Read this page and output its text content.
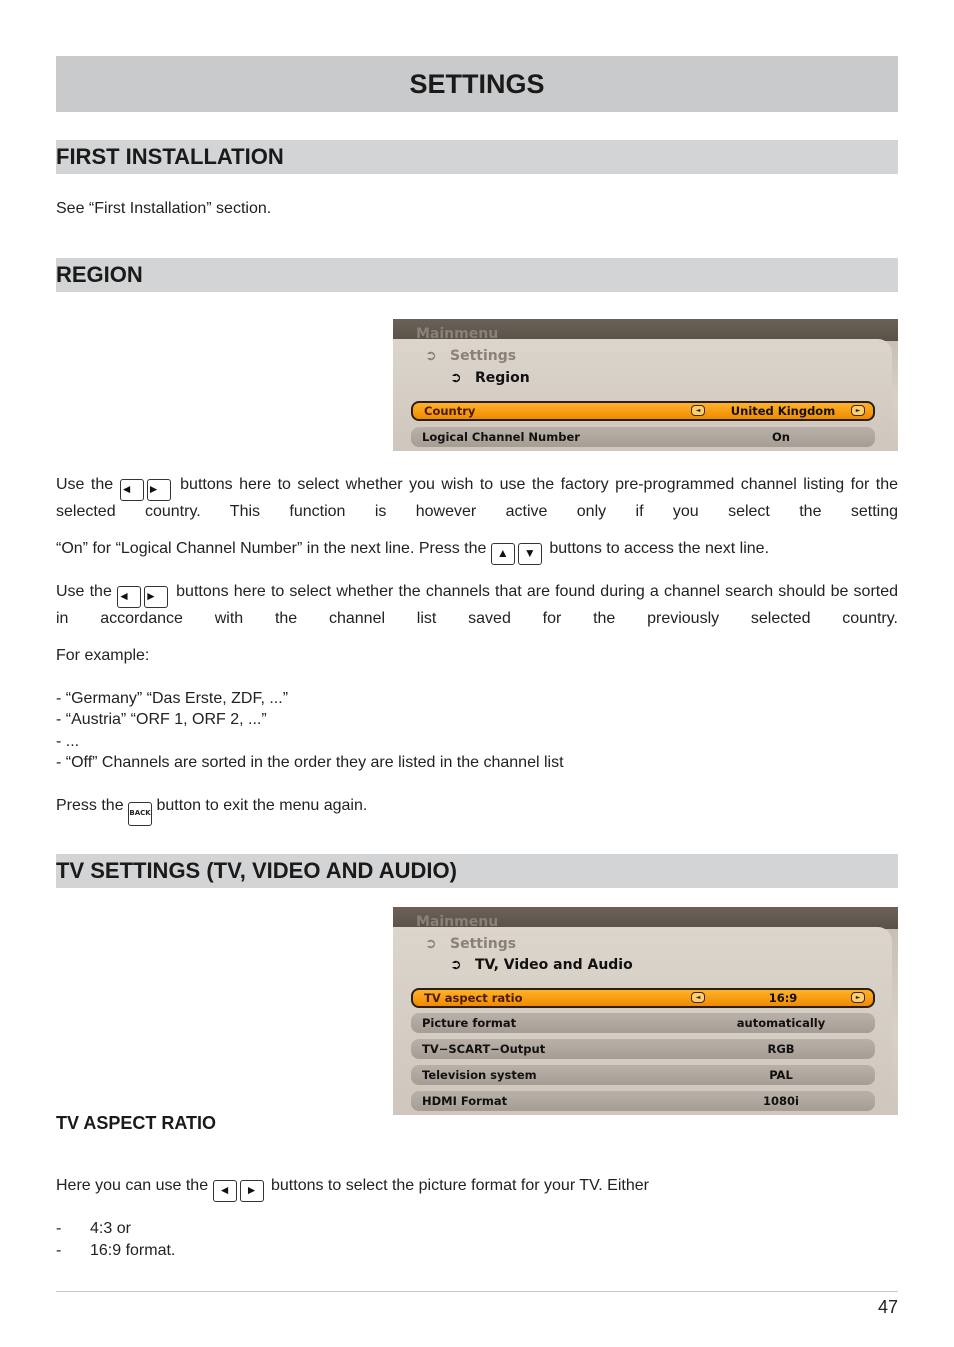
SETTINGS
FIRST INSTALLATION
See “First Installation” section.
REGION
Mainmenu
➲ Settings
➲ Region
Country	◄	United Kingdom	►
Logical Channel Number	On
Use the ◄ ► buttons here to select whether you wish to use the factory pre-programmed channel listing for the selected country. This function is however active only if you select the setting
“On” for “Logical Channel Number” in the next line. Press the ▲ ▼ buttons to access the next line.
Use the ◄ ► buttons here to select whether the channels that are found during a channel search should be sorted in accordance with the channel list saved for the previously selected country.
For example:
- “Germany” “Das Erste, ZDF, ...”
- “Austria” “ORF 1, ORF 2, ...”
- ...
- “Off” Channels are sorted in the order they are listed in the channel list
Press the BACK button to exit the menu again.
TV SETTINGS (TV, VIDEO AND AUDIO)
Mainmenu
➲ Settings
➲ TV, Video and Audio
TV aspect ratio	◄	16:9	►
Picture format	automatically
TV−SCART−Output	RGB
Television system	PAL
HDMI Format	1080i
TV ASPECT RATIO
Here you can use the ◄ ► buttons to select the picture format for your TV. Either
- 4:3 or
- 16:9 format.
47
